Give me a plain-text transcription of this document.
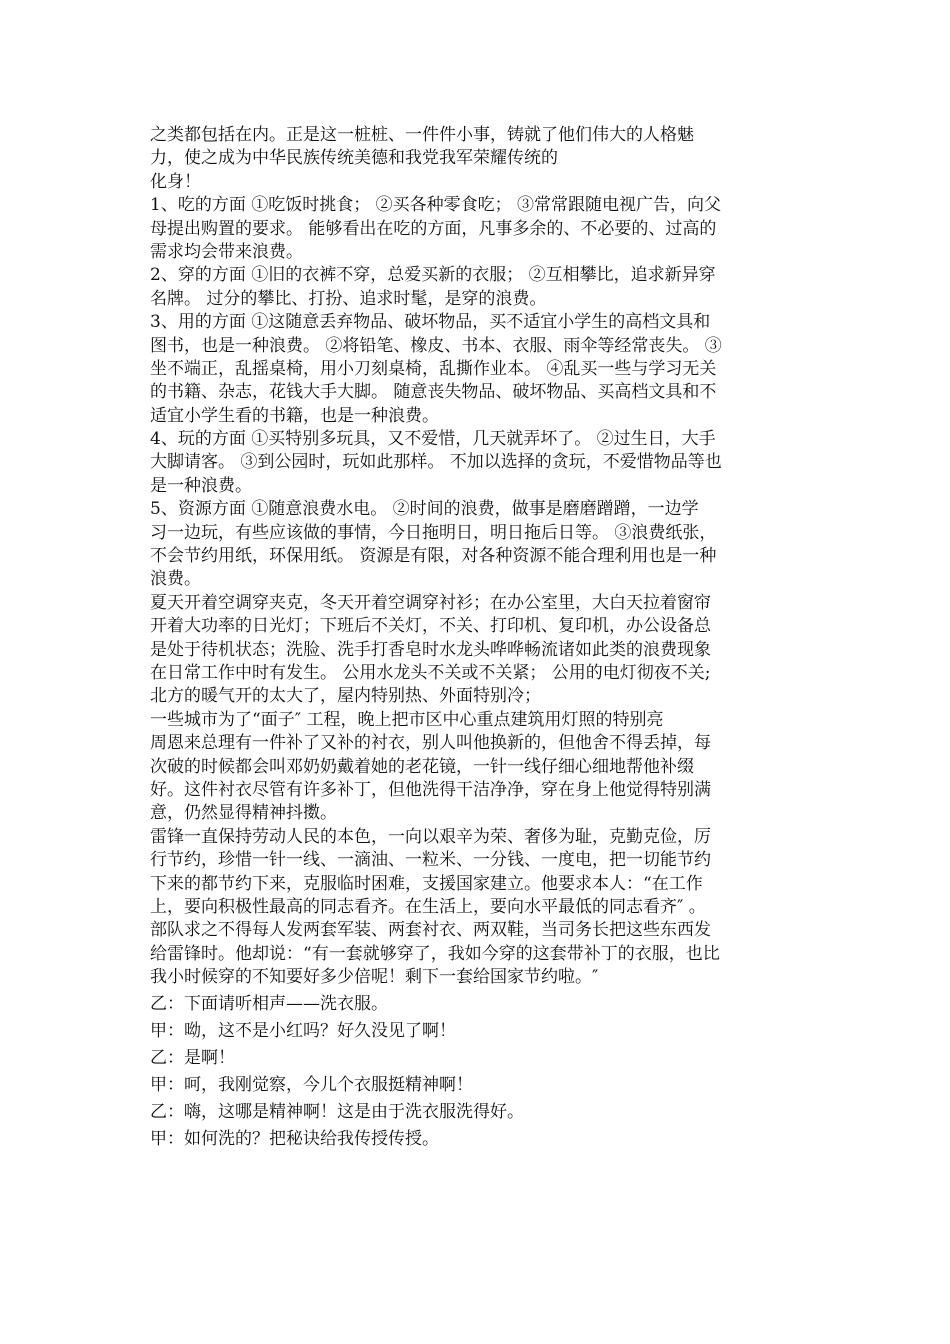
之类都包括在内。正是这一桩桩、一件件小事，铸就了他们伟大的人格魅
力，使之成为中华民族传统美德和我党我军荣耀传统的
化身！
1、吃的方面 ①吃饭时挑食； ②买各种零食吃； ③常常跟随电视广告，向父
母提出购置的要求。 能够看出在吃的方面，凡事多余的、不必要的、过高的
需求均会带来浪费。
2、穿的方面 ①旧的衣裤不穿，总爱买新的衣服； ②互相攀比，追求新异穿
名牌。 过分的攀比、打扮、追求时髦，是穿的浪费。
3、用的方面 ①这随意丢弃物品、破坏物品，买不适宜小学生的高档文具和
图书，也是一种浪费。 ②将铅笔、橡皮、书本、衣服、雨伞等经常丧失。 ③
坐不端正，乱摇桌椅，用小刀刻桌椅，乱撕作业本。 ④乱买一些与学习无关
的书籍、杂志，花钱大手大脚。 随意丧失物品、破坏物品、买高档文具和不
适宜小学生看的书籍，也是一种浪费。
4、玩的方面 ①买特别多玩具，又不爱惜，几天就弄坏了。 ②过生日，大手
大脚请客。 ③到公园时，玩如此那样。 不加以选择的贪玩，不爱惜物品等也
是一种浪费。
5、资源方面 ①随意浪费水电。 ②时间的浪费，做事是磨磨蹭蹭，一边学
习一边玩，有些应该做的事情，今日拖明日，明日拖后日等。 ③浪费纸张，
不会节约用纸，环保用纸。 资源是有限，对各种资源不能合理利用也是一种
浪费。
夏天开着空调穿夹克，冬天开着空调穿衬衫；在办公室里，大白天拉着窗帘
开着大功率的日光灯；下班后不关灯，不关、打印机、复印机，办公设备总
是处于待机状态；洗脸、洗手打香皂时水龙头哗哗畅流诸如此类的浪费现象
在日常工作中时有发生。 公用水龙头不关或不关紧； 公用的电灯彻夜不关;
北方的暖气开的太大了，屋内特别热、外面特别冷；
一些城市为了“面子″ 工程，晚上把市区中心重点建筑用灯照的特别亮
周恩来总理有一件补了又补的衬衣，别人叫他换新的，但他舍不得丢掉，每
次破的时候都会叫邓奶奶戴着她的老花镜，一针一线仔细心细地帮他补缀
好。这件衬衣尽管有许多补丁，但他洗得干洁净净，穿在身上他觉得特别满
意，仍然显得精神抖擞。
雷锋一直保持劳动人民的本色，一向以艰辛为荣、奢侈为耻，克勤克俭，厉
行节约，珍惜一针一线、一滴油、一粒米、一分钱、一度电，把一切能节约
下来的都节约下来，克服临时困难，支援国家建立。他要求本人：“在工作
上，要向积极性最高的同志看齐。在生活上，要向水平最低的同志看齐″ 。
部队求之不得每人发两套军装、两套衬衣、两双鞋，当司务长把这些东西发
给雷锋时。他却说：“有一套就够穿了，我如今穿的这套带补丁的衣服，也比
我小时候穿的不知要好多少倍呢！剩下一套给国家节约啦。″
乙：下面请听相声——洗衣服。
甲：呦，这不是小红吗？好久没见了啊！
乙：是啊！
甲：呵，我刚觉察，今儿个衣服挺精神啊！
乙：嗨，这哪是精神啊！这是由于洗衣服洗得好。
甲：如何洗的？把秘诀给我传授传授。
